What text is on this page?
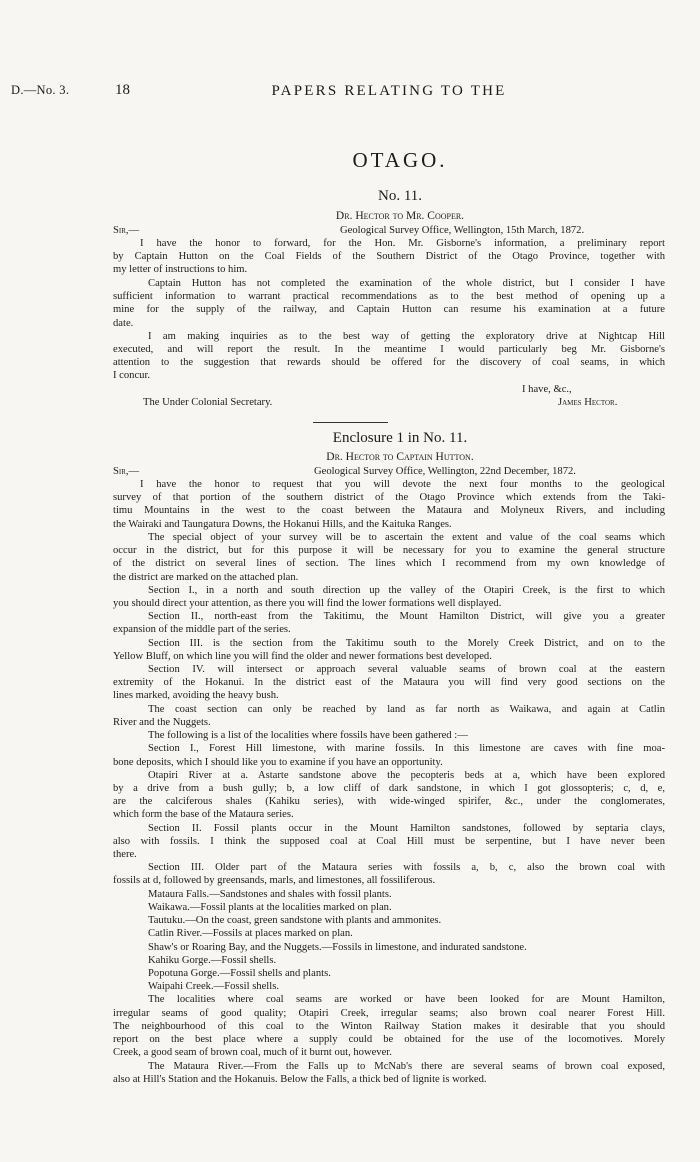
D.—No. 3.	18	PAPERS RELATING TO THE
OTAGO.
No. 11.
Dr. Hector to Mr. Cooper.
Sir,—	Geological Survey Office, Wellington, 15th March, 1872.
I have the honor to forward, for the Hon. Mr. Gisborne's information, a preliminary report
by Captain Hutton on the Coal Fields of the Southern District of the Otago Province, together with
my letter of instructions to him.
Captain Hutton has not completed the examination of the whole district, but I consider I have
sufficient information to warrant practical recommendations as to the best method of opening up a
mine for the supply of the railway, and Captain Hutton can resume his examination at a future
date.
I am making inquiries as to the best way of getting the exploratory drive at Nightcap Hill
executed, and will report the result. In the meantime I would particularly beg Mr. Gisborne's
attention to the suggestion that rewards should be offered for the discovery of coal seams, in which
I concur.
I have, &c.,
The Under Colonial Secretary.	James Hector.
Enclosure 1 in No. 11.
Dr. Hector to Captain Hutton.
Sir,—	Geological Survey Office, Wellington, 22nd December, 1872.
I have the honor to request that you will devote the next four months to the geological
survey of that portion of the southern district of the Otago Province which extends from the Taki-
timu Mountains in the west to the coast between the Mataura and Molyneux Rivers, and including
the Wairaki and Taungatura Downs, the Hokanui Hills, and the Kaituka Ranges.
The special object of your survey will be to ascertain the extent and value of the coal seams which
occur in the district, but for this purpose it will be necessary for you to examine the general structure
of the district on several lines of section. The lines which I recommend from my own knowledge of
the district are marked on the attached plan.
Section I., in a north and south direction up the valley of the Otapiri Creek, is the first to which
you should direct your attention, as there you will find the lower formations well displayed.
Section II., north-east from the Takitimu, the Mount Hamilton District, will give you a greater
expansion of the middle part of the series.
Section III. is the section from the Takitimu south to the Morely Creek District, and on to the
Yellow Bluff, on which line you will find the older and newer formations best developed.
Section IV. will intersect or approach several valuable seams of brown coal at the eastern
extremity of the Hokanui. In the district east of the Mataura you will find very good sections on the
lines marked, avoiding the heavy bush.
The coast section can only be reached by land as far north as Waikawa, and again at Catlin
River and the Nuggets.
The following is a list of the localities where fossils have been gathered :—
Section I., Forest Hill limestone, with marine fossils. In this limestone are caves with fine moa-
bone deposits, which I should like you to examine if you have an opportunity.
Otapiri River at a. Astarte sandstone above the pecopteris beds at a, which have been explored
by a drive from a bush gully; b, a low cliff of dark sandstone, in which I got glossopteris; c, d, e,
are the calciferous shales (Kahiku series), with wide-winged spirifer, &c., under the conglomerates,
which form the base of the Mataura series.
Section II. Fossil plants occur in the Mount Hamilton sandstones, followed by septaria clays,
also with fossils. I think the supposed coal at Coal Hill must be serpentine, but I have never been
there.
Section III. Older part of the Mataura series with fossils a, b, c, also the brown coal with
fossils at d, followed by greensands, marls, and limestones, all fossiliferous.
Mataura Falls.—Sandstones and shales with fossil plants.
Waikawa.—Fossil plants at the localities marked on plan.
Tautuku.—On the coast, green sandstone with plants and ammonites.
Catlin River.—Fossils at places marked on plan.
Shaw's or Roaring Bay, and the Nuggets.—Fossils in limestone, and indurated sandstone.
Kahiku Gorge.—Fossil shells.
Popotuna Gorge.—Fossil shells and plants.
Waipahi Creek.—Fossil shells.
The localities where coal seams are worked or have been looked for are Mount Hamilton,
irregular seams of good quality; Otapiri Creek, irregular seams; also brown coal nearer Forest Hill.
The neighbourhood of this coal to the Winton Railway Station makes it desirable that you should
report on the best place where a supply could be obtained for the use of the locomotives. Morely
Creek, a good seam of brown coal, much of it burnt out, however.
The Mataura River.—From the Falls up to McNab's there are several seams of brown coal exposed,
also at Hill's Station and the Hokanuis. Below the Falls, a thick bed of lignite is worked.
